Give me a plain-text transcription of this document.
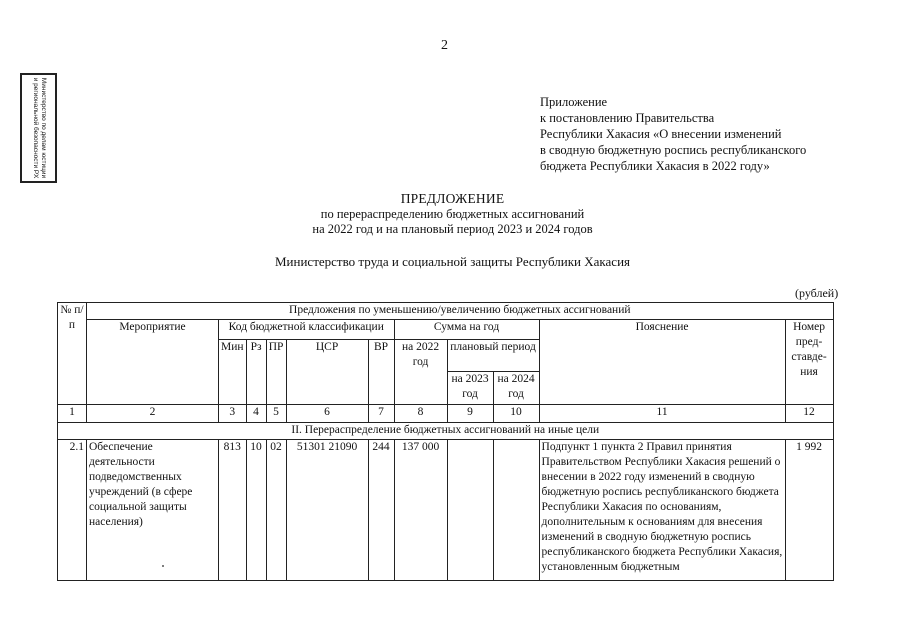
2
Министерство по делам юстиции и региональной безопасности РХ	Приложение
к постановлению Правительства
Республики Хакасия «О внесении изменений
в сводную бюджетную роспись республиканского
бюджета Республики Хакасия в 2022 году»
ПРЕДЛОЖЕНИЕ
по перераспределению бюджетных ассигнований
на 2022 год и на плановый период 2023 и 2024 годов
Министерство труда и социальной защиты Республики Хакасия
(рублей)
№ п/п	Предложения по уменьшению/увеличению бюджетных ассигнований										
	Мероприятие	Код бюджетной классификации					Сумма на год			Пояснение	Номер пред-ставде-ния
		Мин	Рз	ПР	ЦСР	ВР	на 2022 год	плановый период			
								на 2023 год	на 2024 год		
1	2	3	4	5	6	7	8	9	10	11	12
II. Перераспределение бюджетных ассигнований на иные цели											
2.1	Обеспечение деятельности подведомственных учреждений (в сфере социальной защиты населения)	813	10	02	51301 21090	244	137 000			Подпункт 1 пункта 2 Правил принятия Правительством Республики Хакасия решений о внесении в 2022 году изменений в сводную бюджетную роспись республиканского бюджета Республики Хакасия по основаниям, дополнительным к основаниям для внесения изменений в сводную бюджетную роспись республиканского бюджета Республики Хакасия, установленным бюджетным	1 992
